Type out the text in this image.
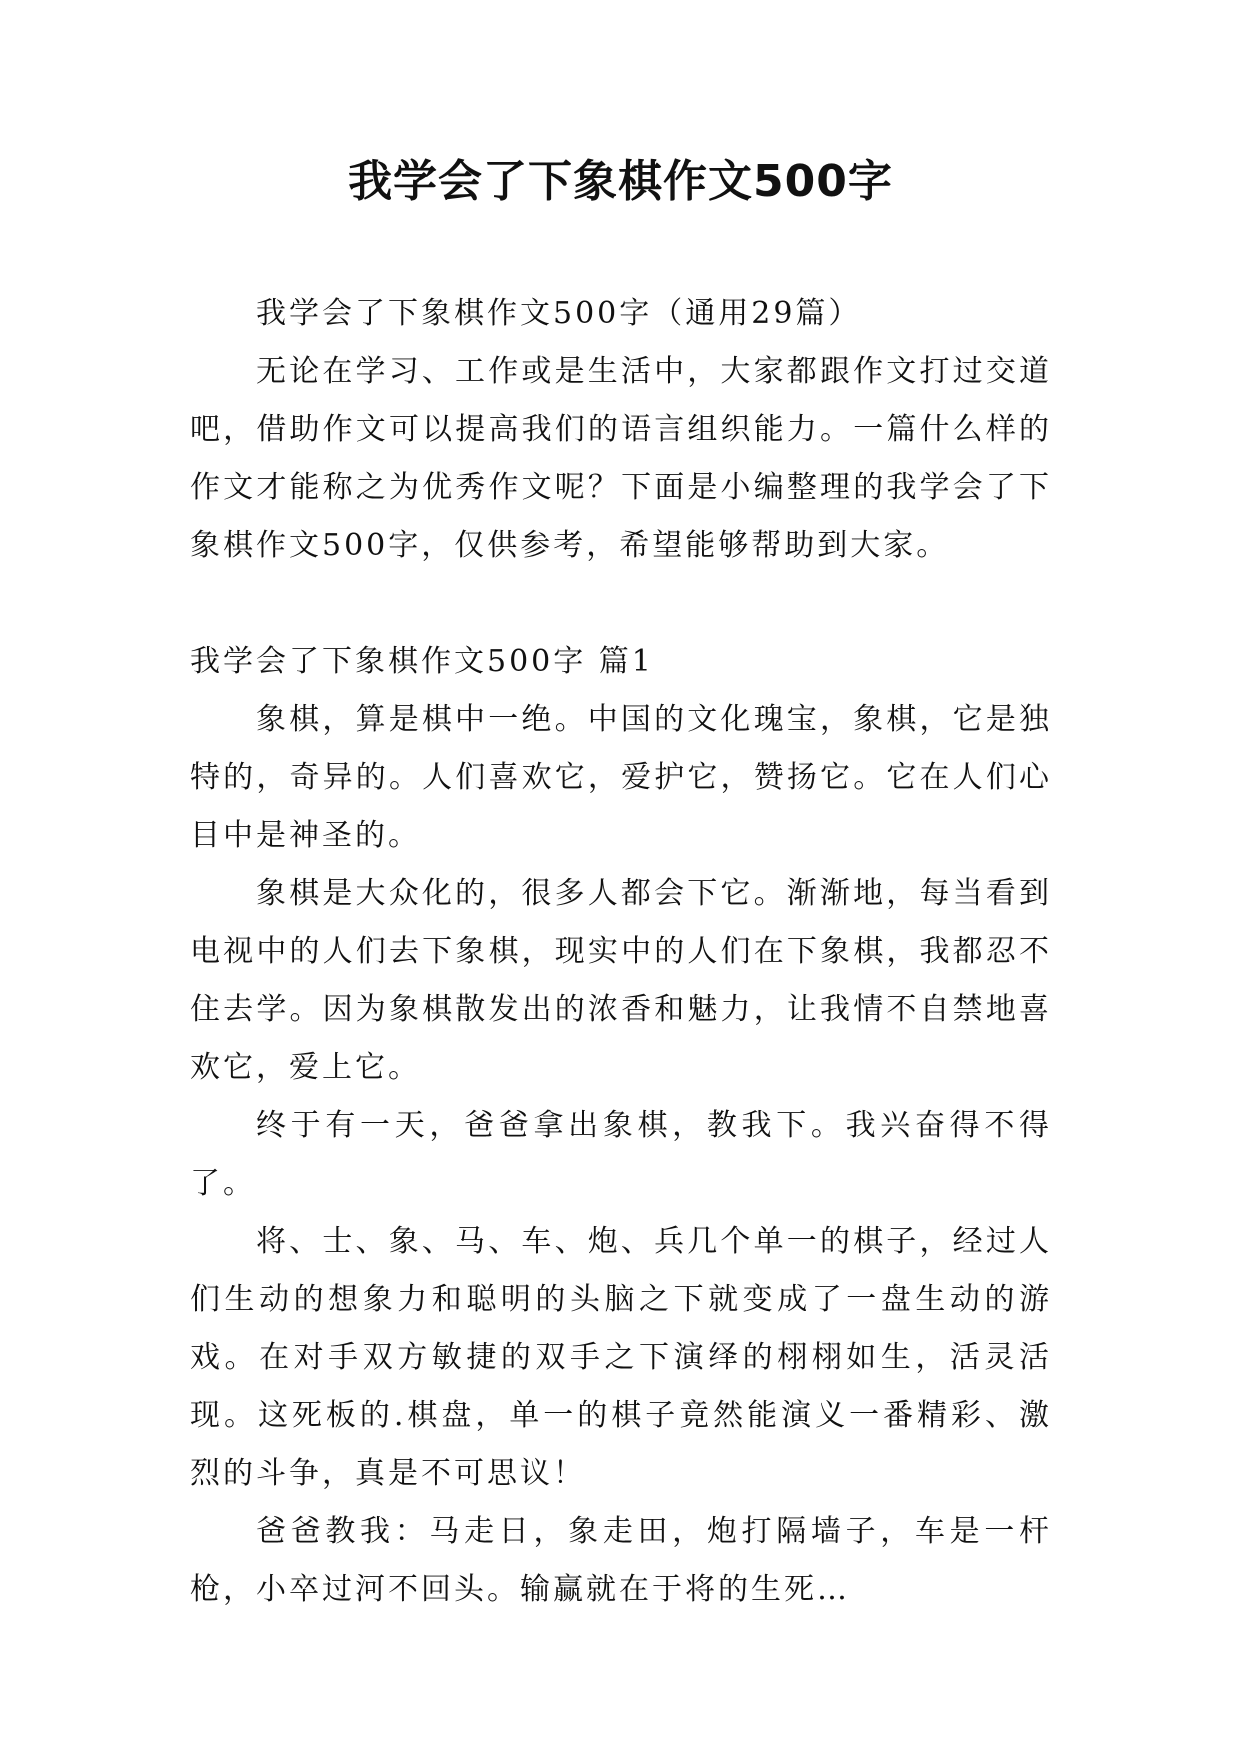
我学会了下象棋作文500字

我学会了下象棋作文500字（通用29篇）

无论在学习、工作或是生活中，大家都跟作文打过交道吧，借助作文可以提高我们的语言组织能力。一篇什么样的作文才能称之为优秀作文呢？下面是小编整理的我学会了下象棋作文500字，仅供参考，希望能够帮助到大家。

我学会了下象棋作文500字 篇1

象棋，算是棋中一绝。中国的文化瑰宝，象棋，它是独特的，奇异的。人们喜欢它，爱护它，赞扬它。它在人们心目中是神圣的。

象棋是大众化的，很多人都会下它。渐渐地，每当看到电视中的人们去下象棋，现实中的人们在下象棋，我都忍不住去学。因为象棋散发出的浓香和魅力，让我情不自禁地喜欢它，爱上它。

终于有一天，爸爸拿出象棋，教我下。我兴奋得不得了。

将、士、象、马、车、炮、兵几个单一的棋子，经过人们生动的想象力和聪明的头脑之下就变成了一盘生动的游戏。在对手双方敏捷的双手之下演绎的栩栩如生，活灵活现。这死板的.棋盘，单一的棋子竟然能演义一番精彩、激烈的斗争，真是不可思议！

爸爸教我：马走日，象走田，炮打隔墙子，车是一杆枪，小卒过河不回头。输赢就在于将的生死…
